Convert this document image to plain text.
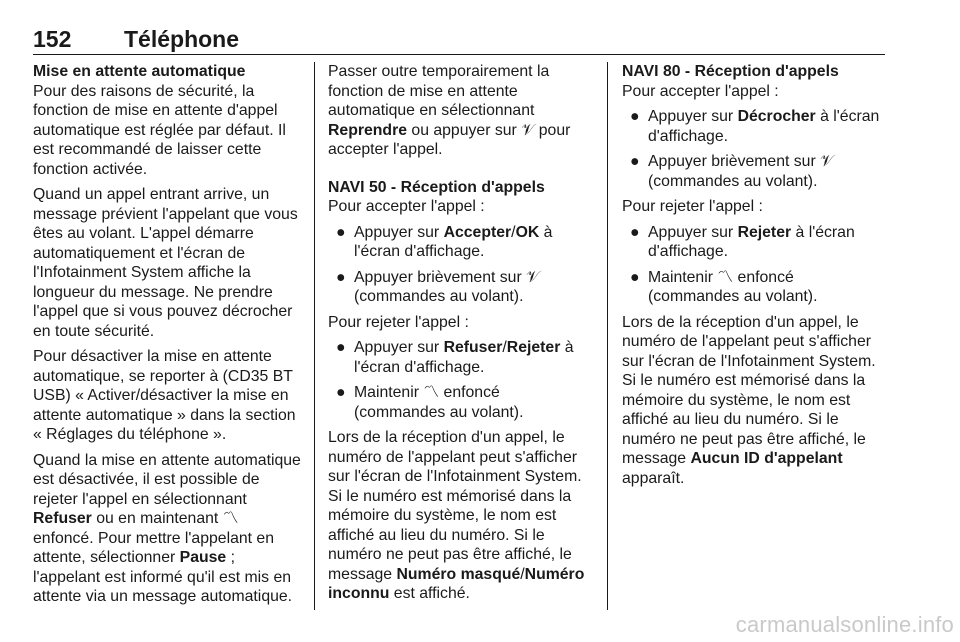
152 Téléphone

Mise en attente automatique

Pour des raisons de sécurité, la fonction de mise en attente d'appel automatique est réglée par défaut. Il est recommandé de laisser cette fonction activée.

Quand un appel entrant arrive, un message prévient l'appelant que vous êtes au volant. L'appel démarre automatiquement et l'écran de l'Infotainment System affiche la longueur du message. Ne prendre l'appel que si vous pouvez décrocher en toute sécurité.

Pour désactiver la mise en attente automatique, se reporter à (CD35 BT USB) « Activer/désactiver la mise en attente automatique » dans la section « Réglages du téléphone ».

Quand la mise en attente automatique est désactivée, il est possible de rejeter l'appel en sélectionnant Refuser ou en maintenant 〽 enfoncé. Pour mettre l'appelant en attente, sélectionner Pause ; l'appelant est informé qu'il est mis en attente via un message automatique.

Passer outre temporairement la fonction de mise en attente automatique en sélectionnant Reprendre ou appuyer sur 𝒱 pour accepter l'appel.

NAVI 50 - Réception d'appels

Pour accepter l'appel :

● Appuyer sur Accepter/OK à l'écran d'affichage.
● Appuyer brièvement sur 𝒱 (commandes au volant).

Pour rejeter l'appel :

● Appuyer sur Refuser/Rejeter à l'écran d'affichage.
● Maintenir 〽 enfoncé (commandes au volant).

Lors de la réception d'un appel, le numéro de l'appelant peut s'afficher sur l'écran de l'Infotainment System. Si le numéro est mémorisé dans la mémoire du système, le nom est affiché au lieu du numéro. Si le numéro ne peut pas être affiché, le message Numéro masqué/Numéro inconnu est affiché.

NAVI 80 - Réception d'appels

Pour accepter l'appel :

● Appuyer sur Décrocher à l'écran d'affichage.
● Appuyer brièvement sur 𝒱 (commandes au volant).

Pour rejeter l'appel :

● Appuyer sur Rejeter à l'écran d'affichage.
● Maintenir 〽 enfoncé (commandes au volant).

Lors de la réception d'un appel, le numéro de l'appelant peut s'afficher sur l'écran de l'Infotainment System. Si le numéro est mémorisé dans la mémoire du système, le nom est affiché au lieu du numéro. Si le numéro ne peut pas être affiché, le message Aucun ID d'appelant apparaît.

carmanualsonline.info
